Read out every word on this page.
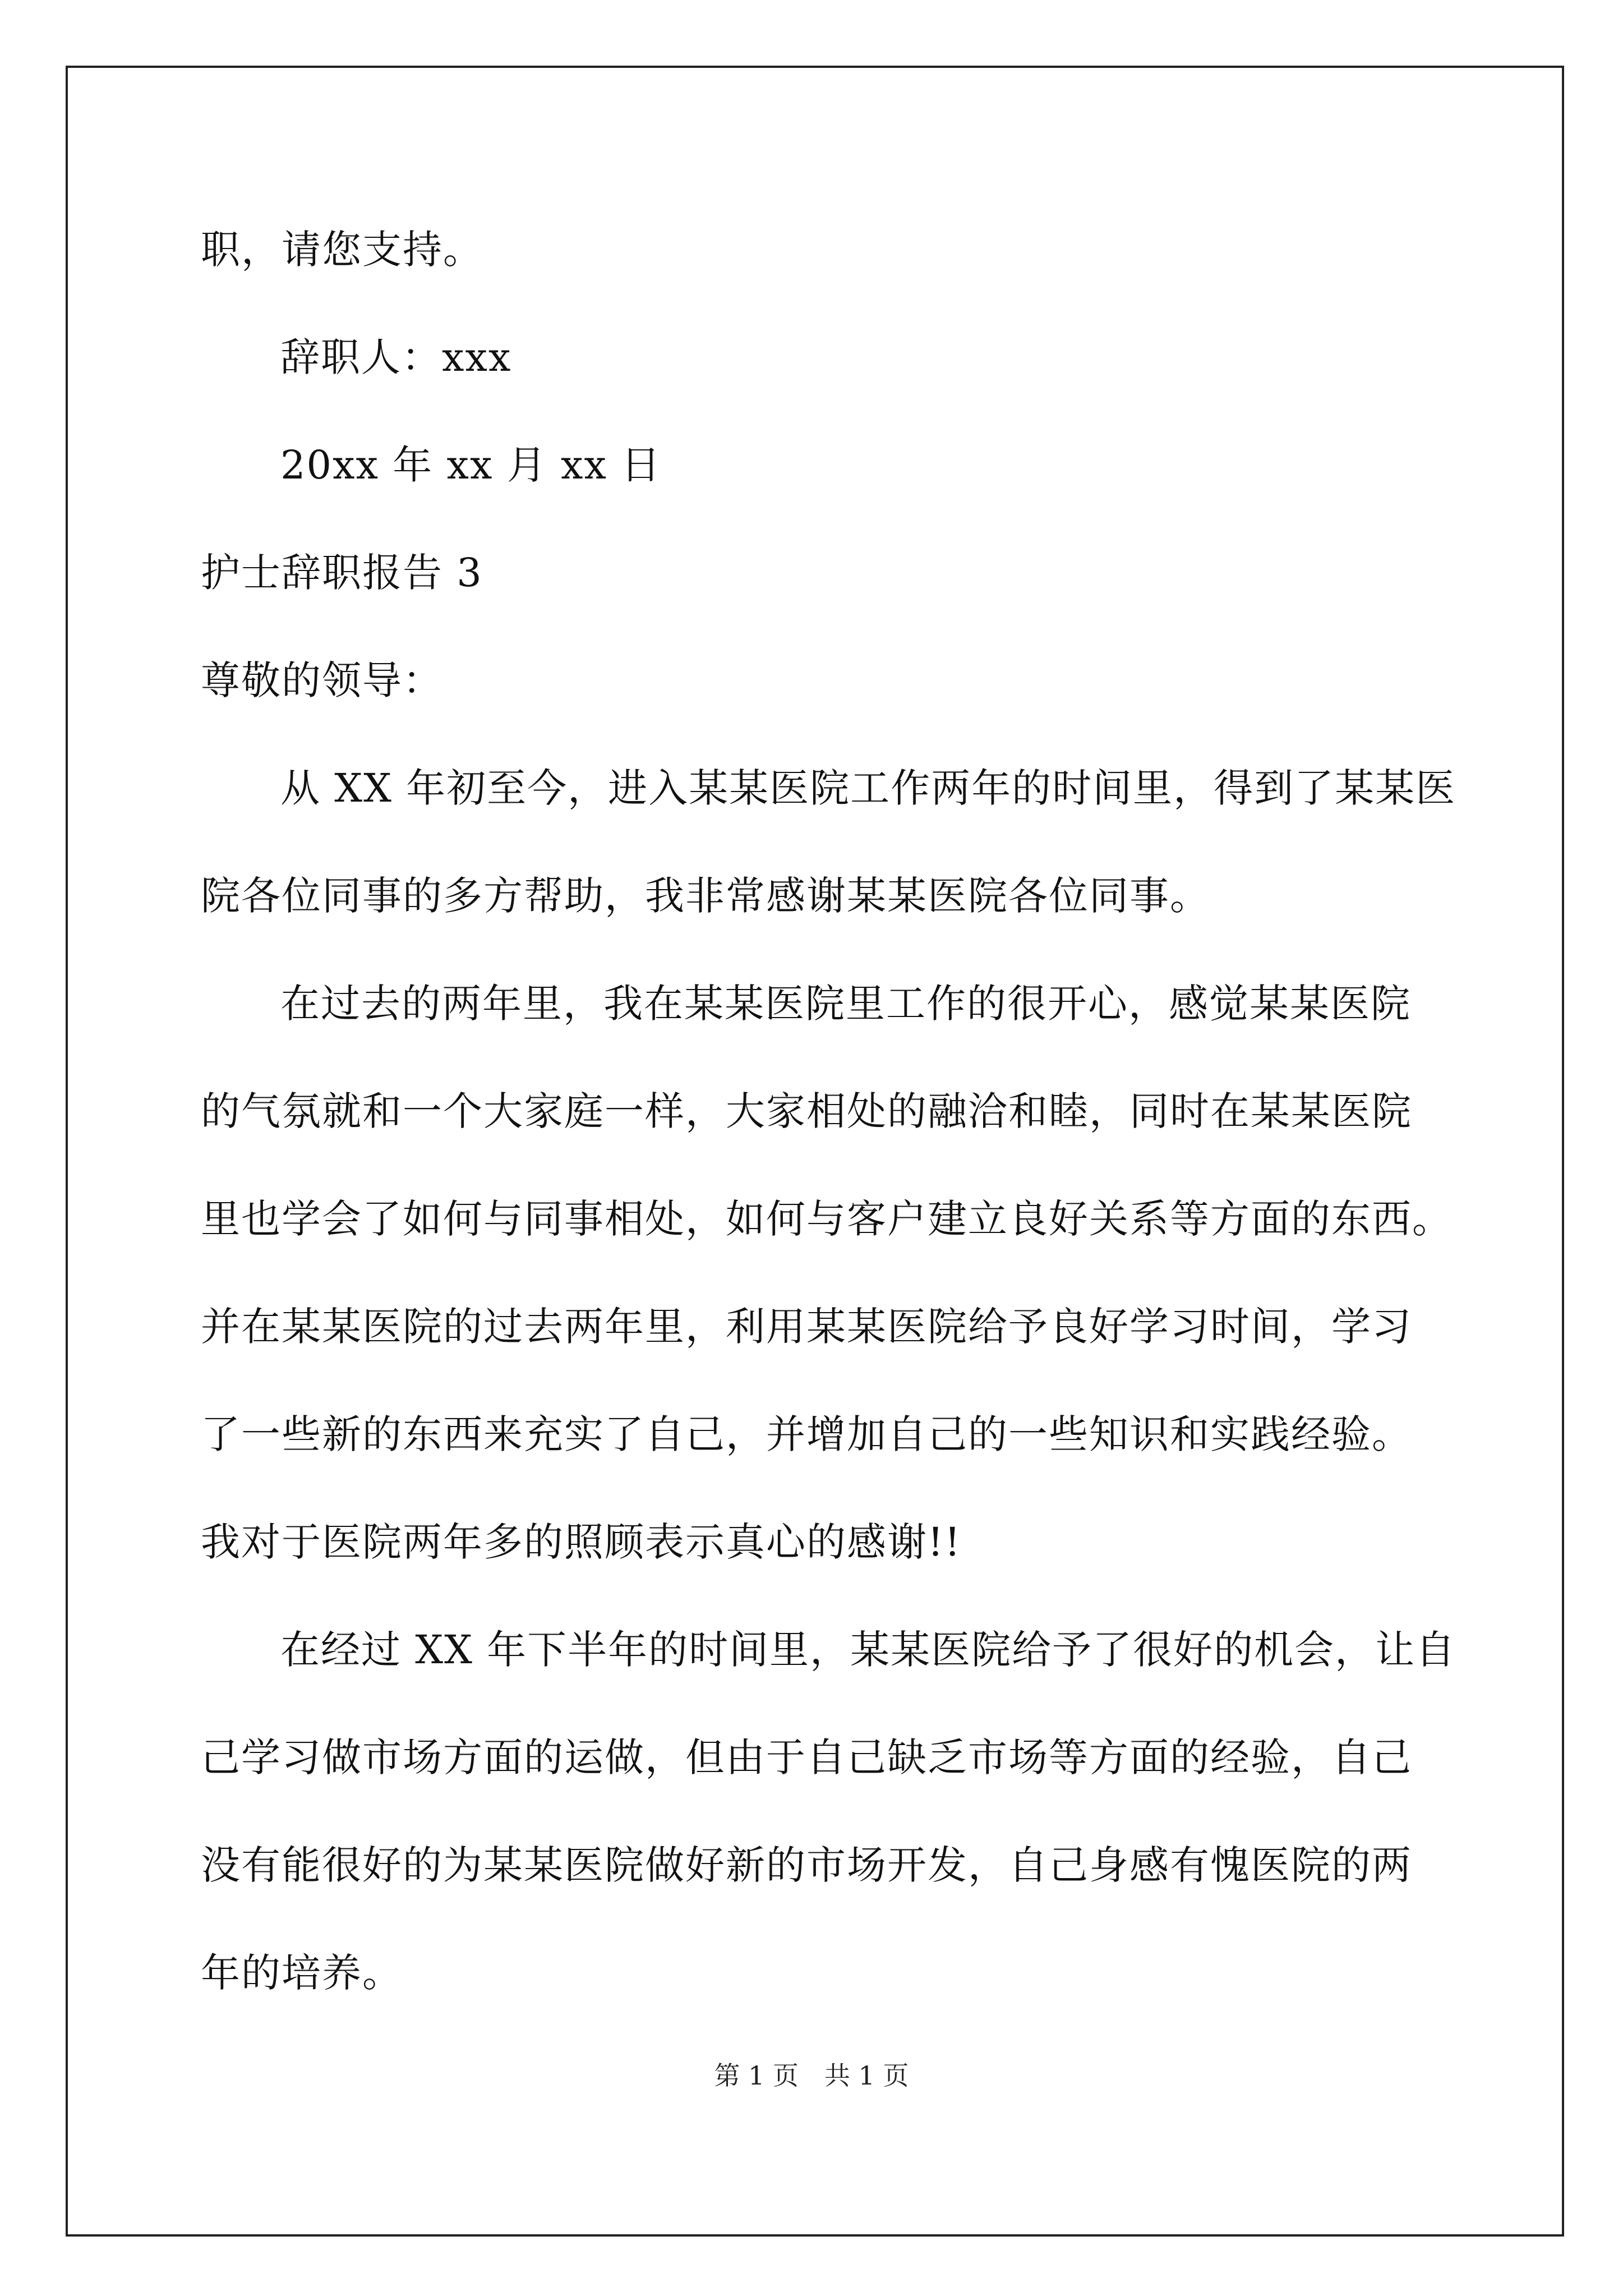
职，请您支持。
辞职人：xxx
20xx 年 xx 月 xx 日
护士辞职报告 3
尊敬的领导：
从 XX 年初至今，进入某某医院工作两年的时间里，得到了某某医
院各位同事的多方帮助，我非常感谢某某医院各位同事。
在过去的两年里，我在某某医院里工作的很开心，感觉某某医院
的气氛就和一个大家庭一样，大家相处的融洽和睦，同时在某某医院
里也学会了如何与同事相处，如何与客户建立良好关系等方面的东西。
并在某某医院的过去两年里，利用某某医院给予良好学习时间，学习
了一些新的东西来充实了自己，并增加自己的一些知识和实践经验。
我对于医院两年多的照顾表示真心的感谢!!
在经过 XX 年下半年的时间里，某某医院给予了很好的机会，让自
己学习做市场方面的运做，但由于自己缺乏市场等方面的经验，自己
没有能很好的为某某医院做好新的市场开发，自己身感有愧医院的两
年的培养。
第 1 页　共 1 页
